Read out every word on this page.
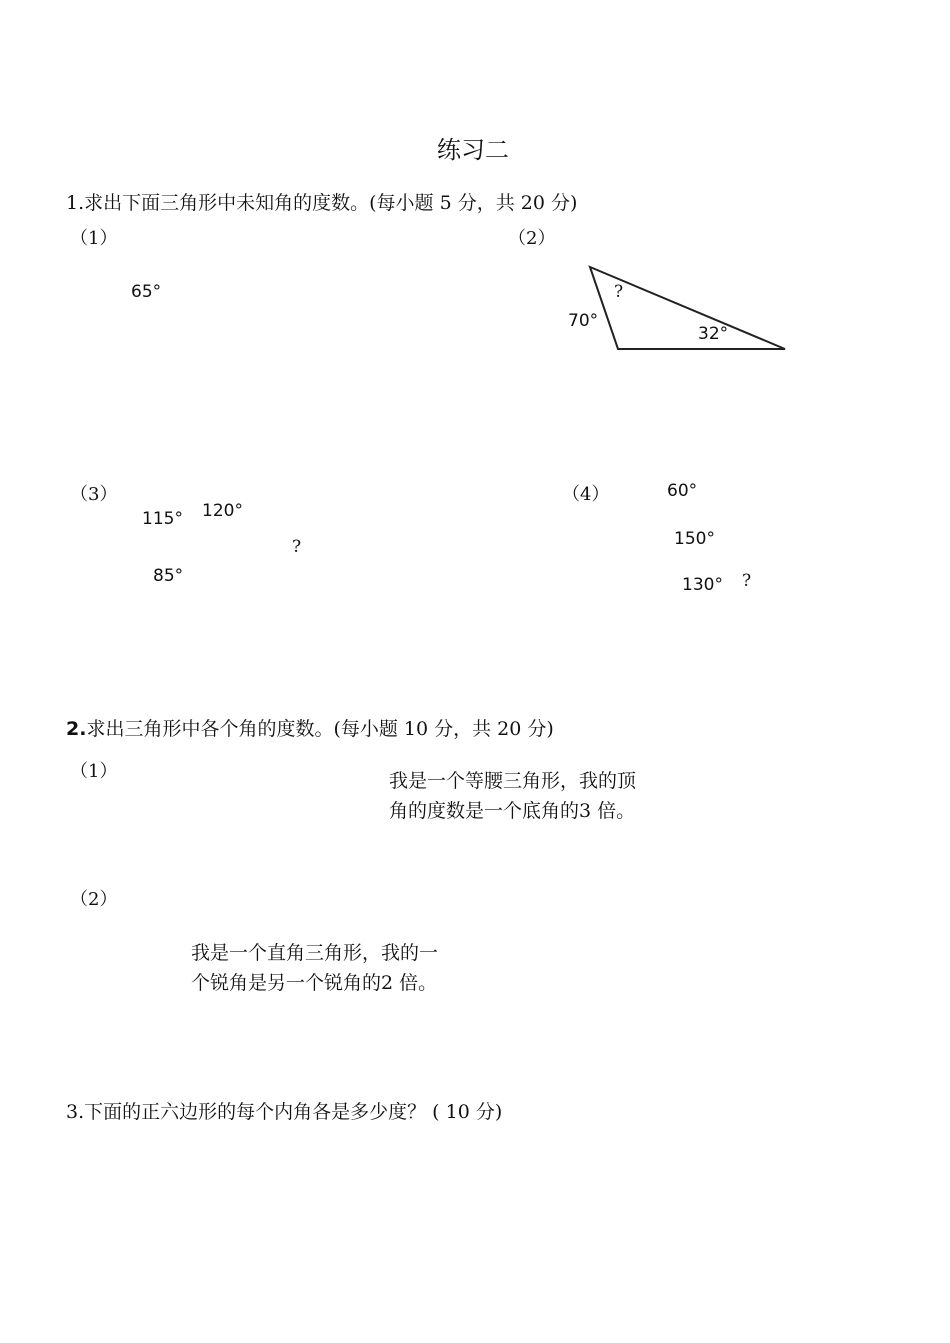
练习二
1.求出下面三角形中未知角的度数。(每小题 5 分，共 20 分)
（1）
65°
（2）
?
70°
32°
（3）
115° 120°
85°
?
（4）	60°
150°
130° ?
2.求出三角形中各个角的度数。(每小题 10 分，共 20 分)
（1）	我是一个等腰三角形，我的顶
角的度数是一个底角的3 倍。
（2）
我是一个直角三角形，我的一
个锐角是另一个锐角的2 倍。
3.下面的正六边形的每个内角各是多少度？ ( 10 分)
